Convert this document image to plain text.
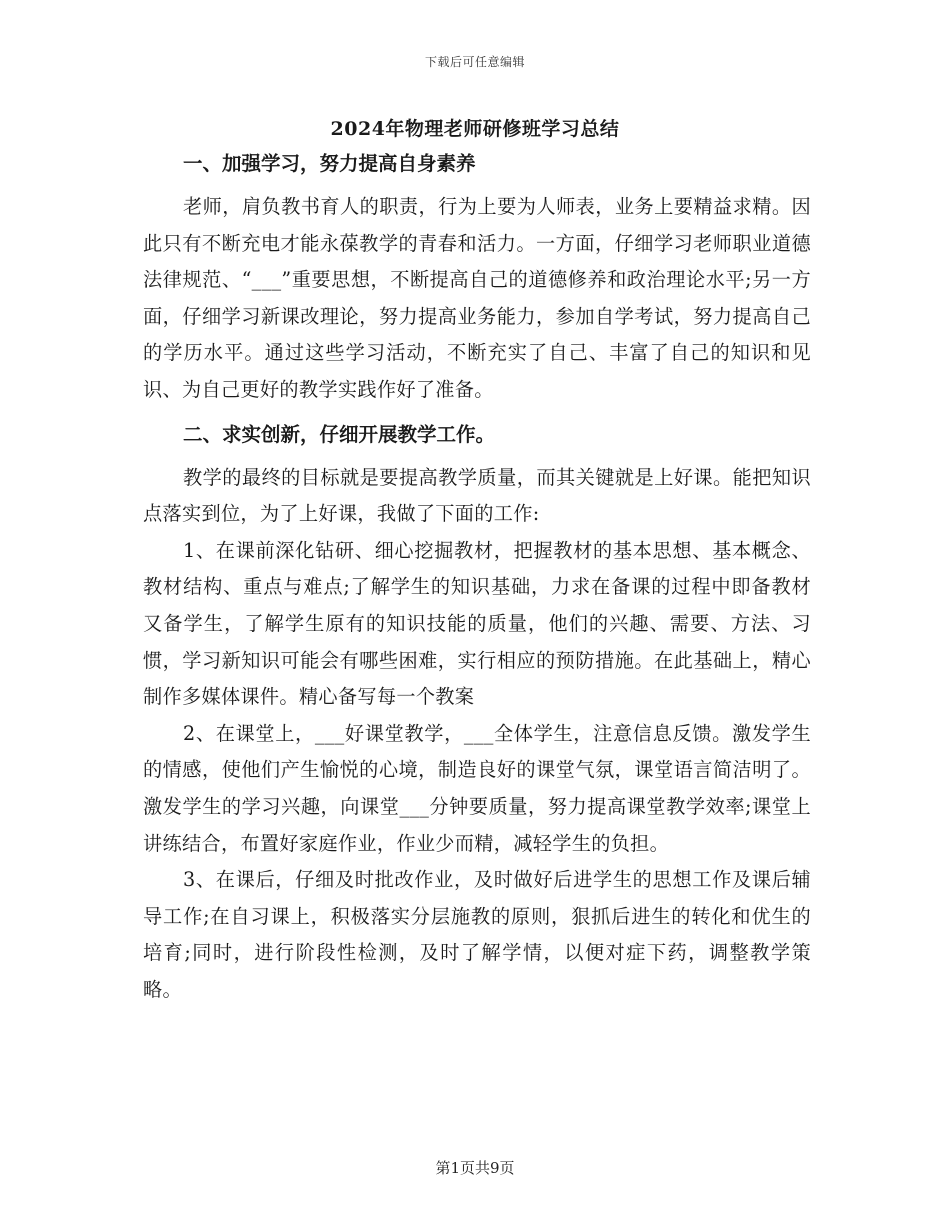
下载后可任意编辑
2024年物理老师研修班学习总结
一、加强学习，努力提高自身素养

老师，肩负教书育人的职责，行为上要为人师表，业务上要精益求精。因此只有不断充电才能永葆教学的青春和活力。一方面，仔细学习老师职业道德法律规范、“___”重要思想，不断提高自己的道德修养和政治理论水平;另一方面，仔细学习新课改理论，努力提高业务能力，参加自学考试，努力提高自己的学历水平。通过这些学习活动，不断充实了自己、丰富了自己的知识和见识、为自己更好的教学实践作好了准备。

二、求实创新，仔细开展教学工作。

教学的最终的目标就是要提高教学质量，而其关键就是上好课。能把知识点落实到位，为了上好课，我做了下面的工作:

1、在课前深化钻研、细心挖掘教材，把握教材的基本思想、基本概念、教材结构、重点与难点;了解学生的知识基础，力求在备课的过程中即备教材又备学生，了解学生原有的知识技能的质量，他们的兴趣、需要、方法、习惯，学习新知识可能会有哪些困难，实行相应的预防措施。在此基础上，精心制作多媒体课件。精心备写每一个教案

2、在课堂上，___好课堂教学，___全体学生，注意信息反馈。激发学生的情感，使他们产生愉悦的心境，制造良好的课堂气氛，课堂语言简洁明了。激发学生的学习兴趣，向课堂___分钟要质量，努力提高课堂教学效率;课堂上讲练结合，布置好家庭作业，作业少而精，减轻学生的负担。

3、在课后，仔细及时批改作业，及时做好后进学生的思想工作及课后辅导工作;在自习课上，积极落实分层施教的原则，狠抓后进生的转化和优生的培育;同时，进行阶段性检测，及时了解学情，以便对症下药，调整教学策略。

第1页共9页
